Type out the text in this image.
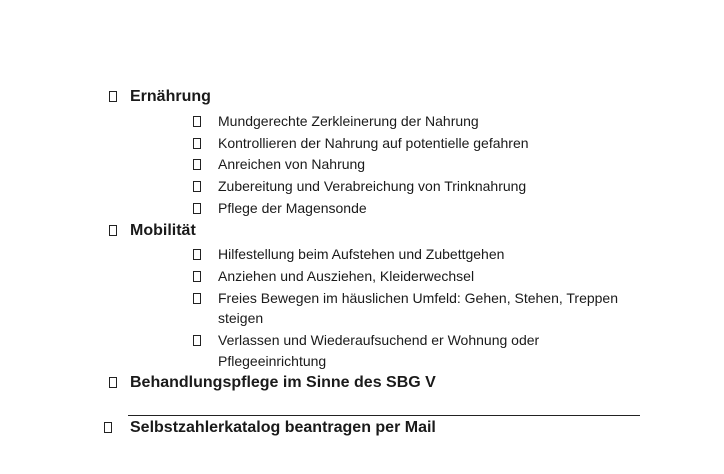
Ernährung
Mundgerechte Zerkleinerung der Nahrung
Kontrollieren der Nahrung auf potentielle gefahren
Anreichen von Nahrung
Zubereitung und Verabreichung von Trinknahrung
Pflege der Magensonde
Mobilität
Hilfestellung beim Aufstehen und Zubettgehen
Anziehen und Ausziehen, Kleiderwechsel
Freies Bewegen im häuslichen Umfeld: Gehen, Stehen, Treppen
steigen
Verlassen und Wiederaufsuchend er Wohnung oder
Pflegeeinrichtung
Behandlungspflege im Sinne des SBG V
Selbstzahlerkatalog beantragen per Mail
